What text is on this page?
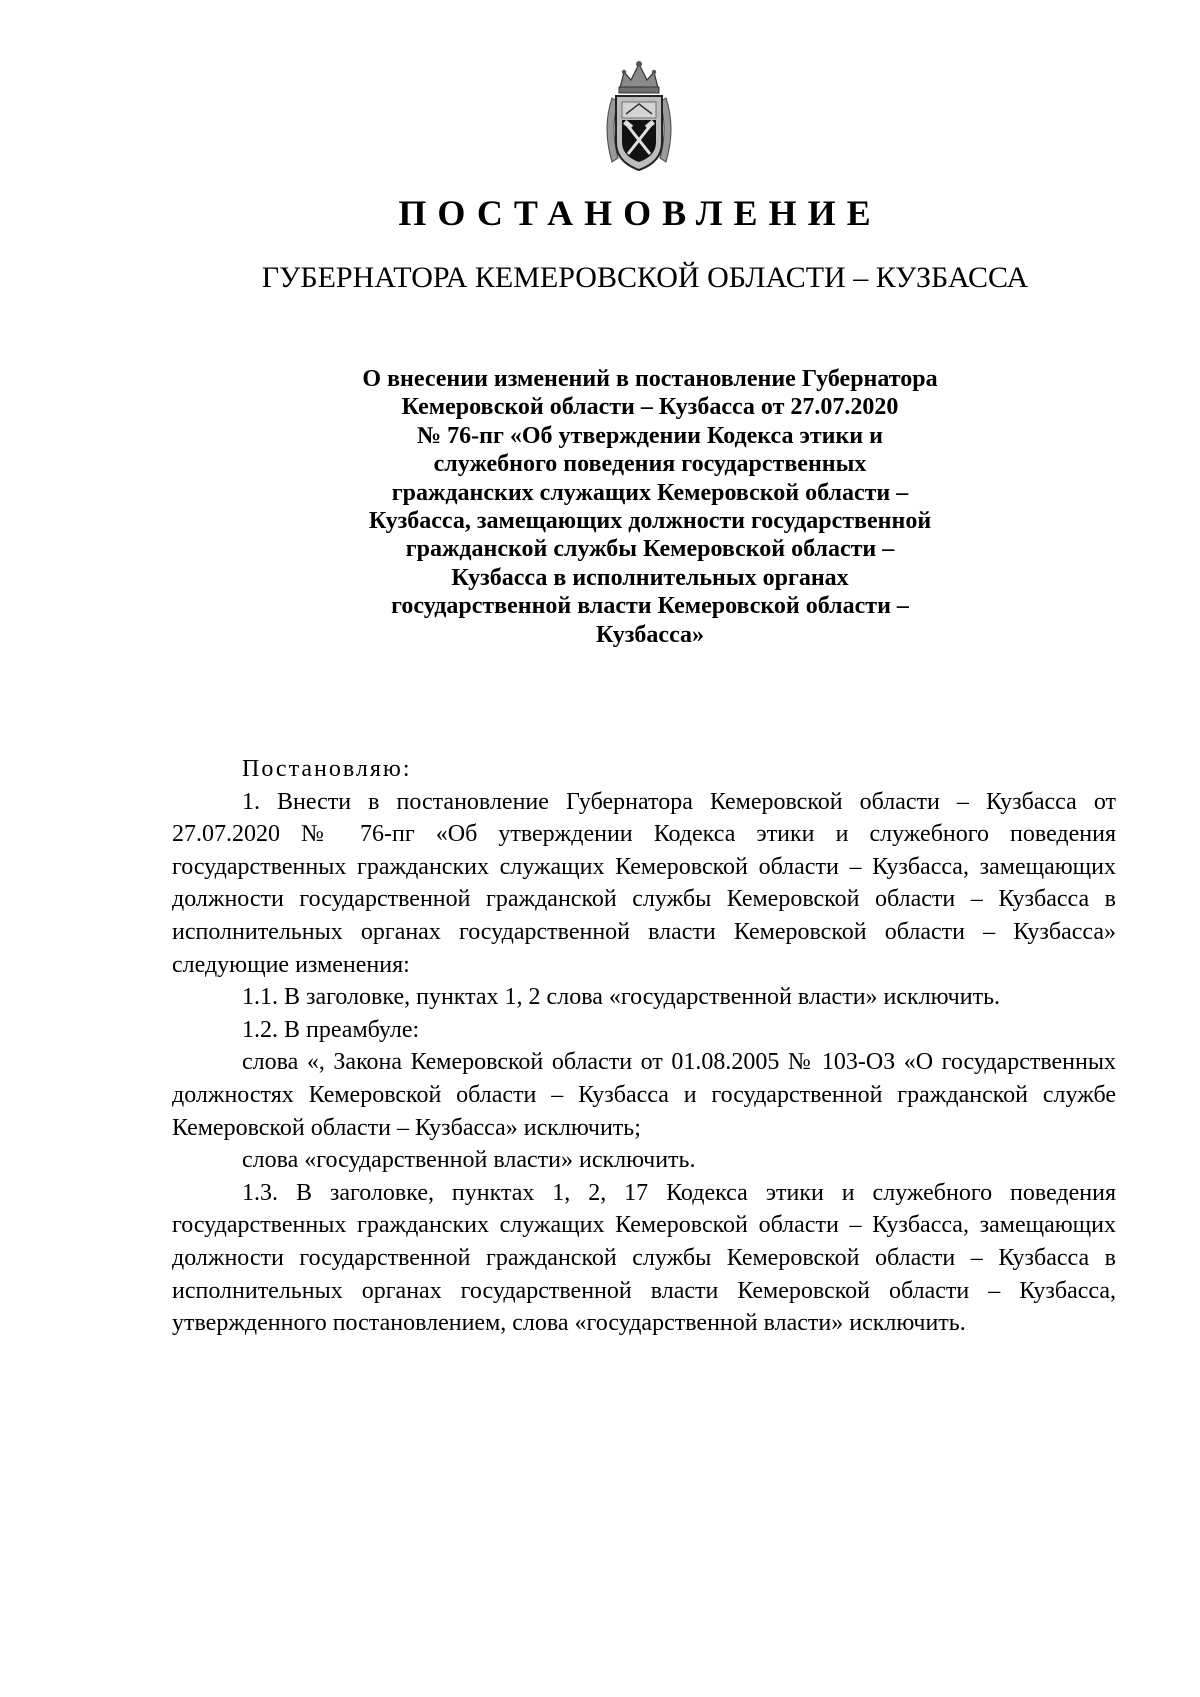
ПОСТАНОВЛЕНИЕ
ГУБЕРНАТОРА КЕМЕРОВСКОЙ ОБЛАСТИ – КУЗБАССА
О внесении изменений в постановление Губернатора
Кемеровской области – Кузбасса от 27.07.2020
№ 76-пг «Об утверждении Кодекса этики и
служебного поведения государственных
гражданских служащих Кемеровской области –
Кузбасса, замещающих должности государственной
гражданской службы Кемеровской области –
Кузбасса в исполнительных органах
государственной власти Кемеровской области –
Кузбасса»
Постановляю:

1. Внести в постановление Губернатора Кемеровской области – Кузбасса от 27.07.2020 № 76-пг «Об утверждении Кодекса этики и служебного поведения государственных гражданских служащих Кемеровской области – Кузбасса, замещающих должности государственной гражданской службы Кемеровской области – Кузбасса в исполнительных органах государственной власти Кемеровской области – Кузбасса» следующие изменения:

1.1. В заголовке, пунктах 1, 2 слова «государственной власти» исключить.

1.2. В преамбуле:

слова «, Закона Кемеровской области от 01.08.2005 № 103-ОЗ «О государственных должностях Кемеровской области – Кузбасса и государственной гражданской службе Кемеровской области – Кузбасса» исключить;

слова «государственной власти» исключить.

1.3. В заголовке, пунктах 1, 2, 17 Кодекса этики и служебного поведения государственных гражданских служащих Кемеровской области – Кузбасса, замещающих должности государственной гражданской службы Кемеровской области – Кузбасса в исполнительных органах государственной власти Кемеровской области – Кузбасса, утвержденного постановлением, слова «государственной власти» исключить.
